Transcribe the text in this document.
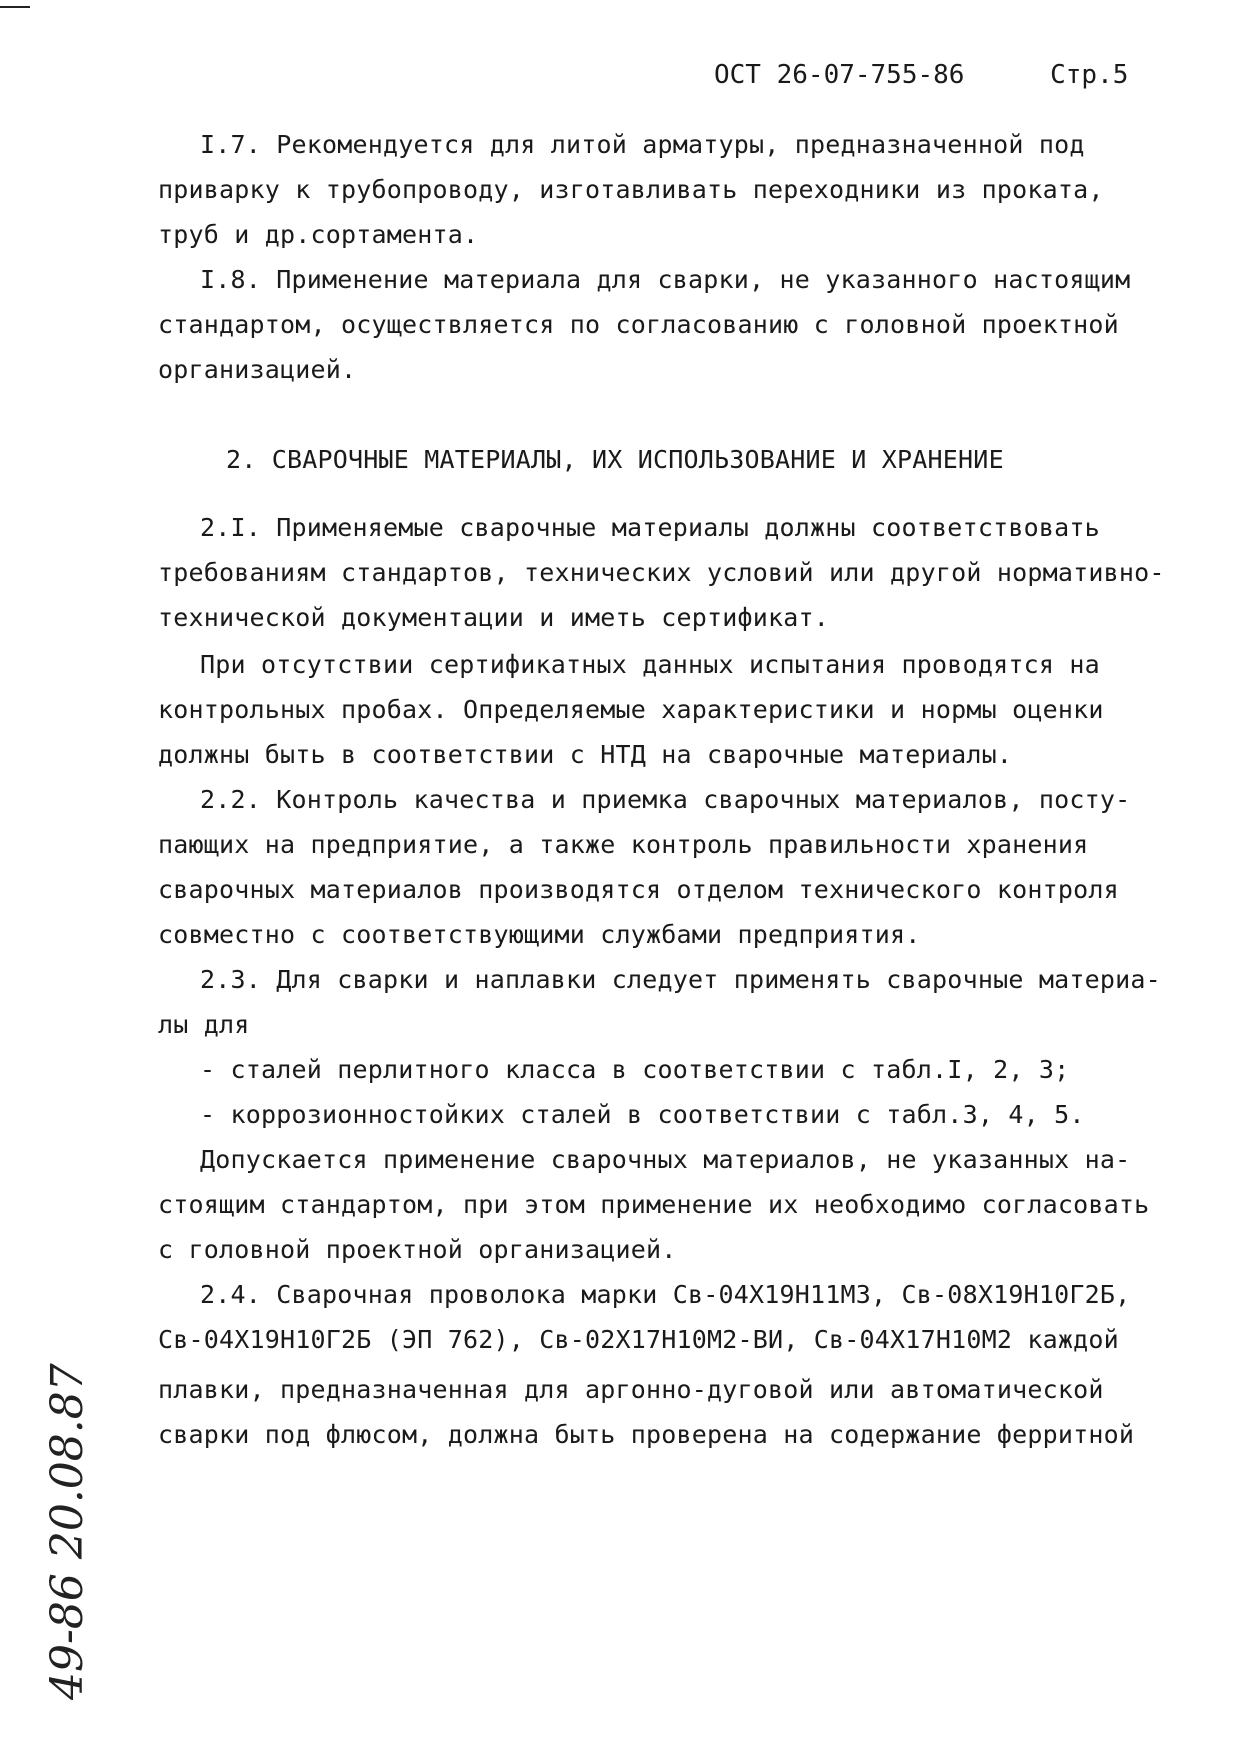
ОСТ 26-07-755-86	Стр.5
I.7. Рекомендуется для литой арматуры, предназначенной под
приварку к трубопроводу, изготавливать переходники из проката,
труб и др.сортамента.
I.8. Применение материала для сварки, не указанного настоящим
стандартом, осуществляется по согласованию с головной проектной
организацией.
2. СВАРОЧНЫЕ МАТЕРИАЛЫ, ИХ ИСПОЛЬЗОВАНИЕ И ХРАНЕНИЕ
2.I. Применяемые сварочные материалы должны соответствовать
требованиям стандартов, технических условий или другой нормативно-
технической документации и иметь сертификат.
При отсутствии сертификатных данных испытания проводятся на
контрольных пробах. Определяемые характеристики и нормы оценки
должны быть в соответствии с НТД на сварочные материалы.
2.2. Контроль качества и приемка сварочных материалов, посту-
пающих на предприятие, а также контроль правильности хранения
сварочных материалов производятся отделом технического контроля
совместно с соответствующими службами предприятия.
2.3. Для сварки и наплавки следует применять сварочные материа-
лы для
- сталей перлитного класса в соответствии с табл.I, 2, 3;
- коррозионностойких сталей в соответствии с табл.3, 4, 5.
Допускается применение сварочных материалов, не указанных на-
стоящим стандартом, при этом применение их необходимо согласовать
с головной проектной организацией.
2.4. Сварочная проволока марки Св-04Х19Н11М3, Св-08Х19Н10Г2Б,
Св-04Х19Н10Г2Б (ЭП 762), Св-02Х17Н10М2-ВИ, Св-04Х17Н10М2 каждой
плавки, предназначенная для аргонно-дуговой или автоматической
сварки под флюсом, должна быть проверена на содержание ферритной
49-86 20.08.87
